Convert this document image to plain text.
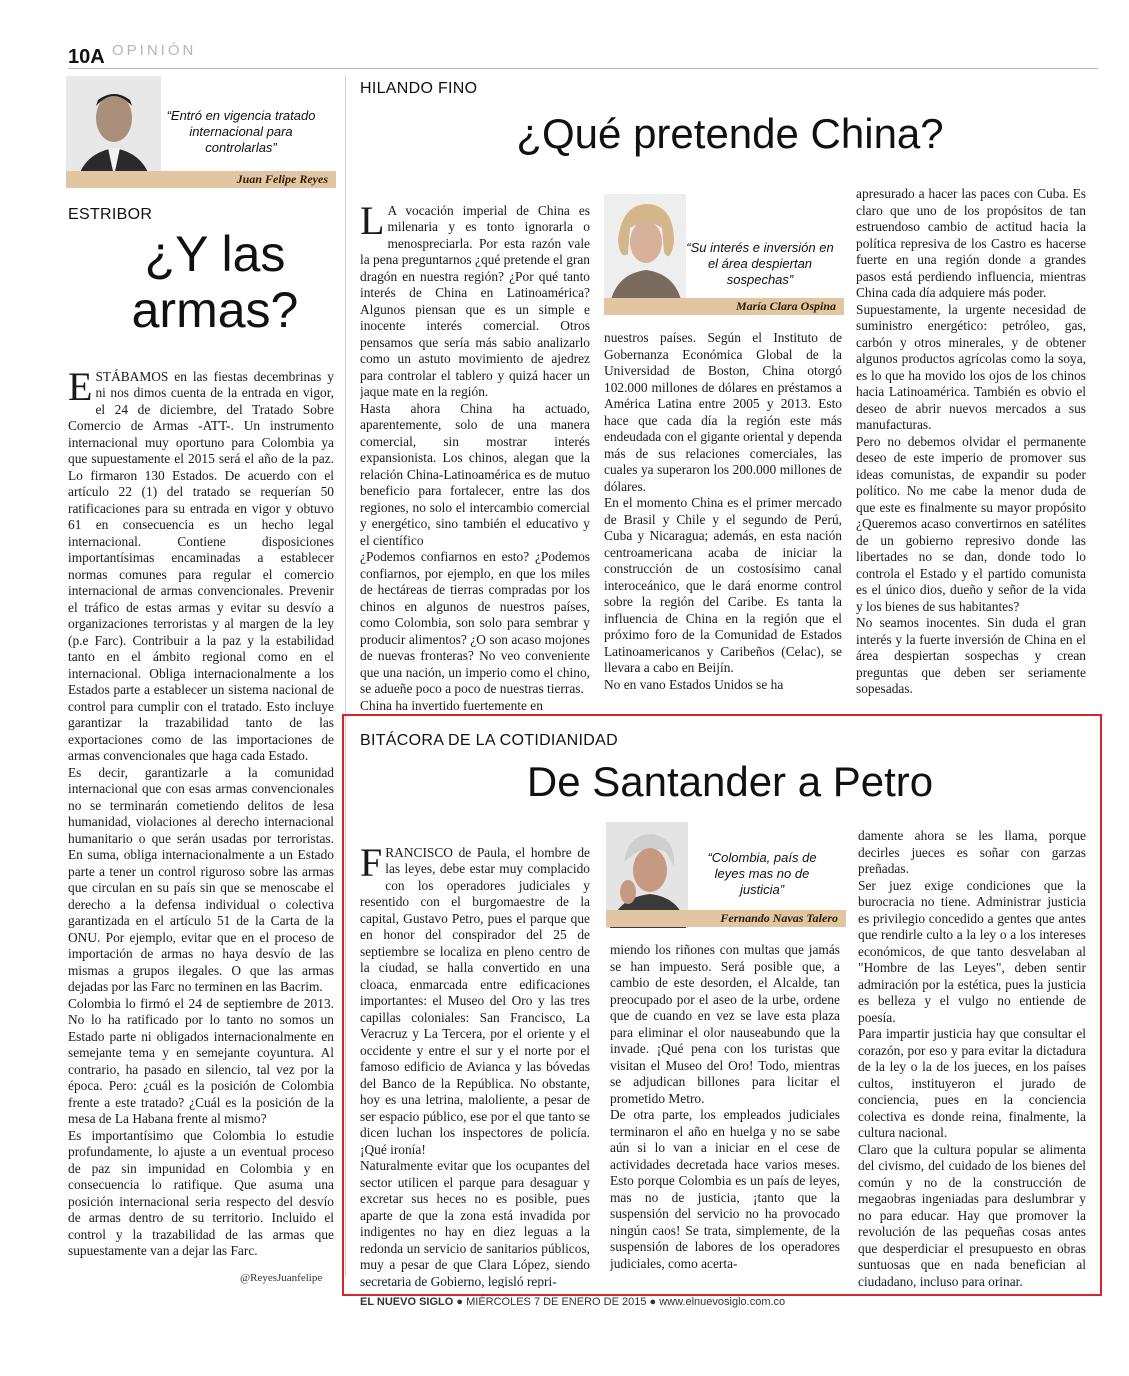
10A OPINIÓN
“Entró en vigencia tratado internacional para controlarlas”
Juan Felipe Reyes
ESTRIBOR
¿Y las armas?

ESTÁBAMOS en las fiestas decembrinas y ni nos dimos cuenta de la entrada en vigor, el 24 de diciembre, del Tratado Sobre Comercio de Armas -ATT-. Un instrumento internacional muy oportuno para Colombia ya que supuestamente el 2015 será el año de la paz. Lo firmaron 130 Estados. De acuerdo con el artículo 22 (1) del tratado se requerían 50 ratificaciones para su entrada en vigor y obtuvo 61 en consecuencia es un hecho legal internacional. Contiene disposiciones importantísimas encaminadas a establecer normas comunes para regular el comercio internacional de armas convencionales. Prevenir el tráfico de estas armas y evitar su desvío a organizaciones terroristas y al margen de la ley (p.e Farc). Contribuir a la paz y la estabilidad tanto en el ámbito regional como en el internacional. Obliga internacionalmente a los Estados parte a establecer un sistema nacional de control para cumplir con el tratado. Esto incluye garantizar la trazabilidad tanto de las exportaciones como de las importaciones de armas convencionales que haga cada Estado.
Es decir, garantizarle a la comunidad internacional que con esas armas convencionales no se terminarán cometiendo delitos de lesa humanidad, violaciones al derecho internacional humanitario o que serán usadas por terroristas. En suma, obliga internacionalmente a un Estado parte a tener un control riguroso sobre las armas que circulan en su país sin que se menoscabe el derecho a la defensa individual o colectiva garantizada en el artículo 51 de la Carta de la ONU. Por ejemplo, evitar que en el proceso de importación de armas no haya desvío de las mismas a grupos ilegales. O que las armas dejadas por las Farc no terminen en las Bacrim.
Colombia lo firmó el 24 de septiembre de 2013. No lo ha ratificado por lo tanto no somos un Estado parte ni obligados internacionalmente en semejante tema y en semejante coyuntura. Al contrario, ha pasado en silencio, tal vez por la época. Pero: ¿cuál es la posición de Colombia frente a este tratado? ¿Cuál es la posición de la mesa de La Habana frente al mismo?
Es importantísimo que Colombia lo estudie profundamente, lo ajuste a un eventual proceso de paz sin impunidad en Colombia y en consecuencia lo ratifique. Que asuma una posición internacional seria respecto del desvío de armas dentro de su territorio. Incluido el control y la trazabilidad de las armas que supuestamente van a dejar las Farc.

@ReyesJuanfelipe
HILANDO FINO
¿Qué pretende China?

L A vocación imperial de China es milenaria y es tonto ignorarla o menospreciarla. Por esta razón vale la pena preguntarnos ¿qué pretende el gran dragón en nuestra región? ¿Por qué tanto interés de China en Latinoamérica? Algunos piensan que es un simple e inocente interés comercial. Otros pensamos que sería más sabio analizarlo como un astuto movimiento de ajedrez para controlar el tablero y quizá hacer un jaque mate en la región.
Hasta ahora China ha actuado, aparentemente, solo de una manera comercial, sin mostrar interés expansionista. Los chinos, alegan que la relación China-Latinoamérica es de mutuo beneficio para fortalecer, entre las dos regiones, no solo el intercambio comercial y energético, sino también el educativo y el científico
¿Podemos confiarnos en esto? ¿Podemos confiarnos, por ejemplo, en que los miles de hectáreas de tierras compradas por los chinos en algunos de nuestros países, como Colombia, son solo para sembrar y producir alimentos? ¿O son acaso mojones de nuevas fronteras? No veo conveniente que una nación, un imperio como el chino, se adueñe poco a poco de nuestras tierras.
China ha invertido fuertemente en

“Su interés e inversión en el área despiertan sospechas”
María Clara Ospina
nuestros países. Según el Instituto de Gobernanza Económica Global de la Universidad de Boston, China otorgó 102.000 millones de dólares en préstamos a América Latina entre 2005 y 2013. Esto hace que cada día la región este más endeudada con el gigante oriental y dependa más de sus relaciones comerciales, las cuales ya superaron los 200.000 millones de dólares.
En el momento China es el primer mercado de Brasil y Chile y el segundo de Perú, Cuba y Nicaragua; además, en esta nación centroamericana acaba de iniciar la construcción de un costosísimo canal interoceánico, que le dará enorme control sobre la región del Caribe. Es tanta la influencia de China en la región que el próximo foro de la Comunidad de Estados Latinoamericanos y Caribeños (Celac), se llevara a cabo en Beijín.
No en vano Estados Unidos se ha
apresurado a hacer las paces con Cuba. Es claro que uno de los propósitos de tan estruendoso cambio de actitud hacia la política represiva de los Castro es hacerse fuerte en una región donde a grandes pasos está perdiendo influencia, mientras China cada día adquiere más poder.
Supuestamente, la urgente necesidad de suministro energético: petróleo, gas, carbón y otros minerales, y de obtener algunos productos agrícolas como la soya, es lo que ha movido los ojos de los chinos hacia Latinoamérica. También es obvio el deseo de abrir nuevos mercados a sus manufacturas.
Pero no debemos olvidar el permanente deseo de este imperio de promover sus ideas comunistas, de expandir su poder político. No me cabe la menor duda de que este es finalmente su mayor propósito ¿Queremos acaso convertirnos en satélites de un gobierno represivo donde las libertades no se dan, donde todo lo controla el Estado y el partido comunista es el único dios, dueño y señor de la vida y los bienes de sus habitantes?
No seamos inocentes. Sin duda el gran interés y la fuerte inversión de China en el área despiertan sospechas y crean preguntas que deben ser seriamente sopesadas.
BITÁCORA DE LA COTIDIANIDAD
De Santander a Petro

FRANCISCO de Paula, el hombre de las leyes, debe estar muy complacido con los operadores judiciales y resentido con el burgomaestre de la capital, Gustavo Petro, pues el parque que en honor del conspirador del 25 de septiembre se localiza en pleno centro de la ciudad, se halla convertido en una cloaca, enmarcada entre edificaciones importantes: el Museo del Oro y las tres capillas coloniales: San Francisco, La Veracruz y La Tercera, por el oriente y el occidente y entre el sur y el norte por el famoso edificio de Avianca y las bóvedas del Banco de la República. No obstante, hoy es una letrina, maloliente, a pesar de ser espacio público, ese por el que tanto se dicen luchan los inspectores de policía. ¡Qué ironía!
Naturalmente evitar que los ocupantes del sector utilicen el parque para desaguar y excretar sus heces no es posible, pues aparte de que la zona está invadida por indigentes no hay en diez leguas a la redonda un servicio de sanitarios públicos, muy a pesar de que Clara López, siendo secretaria de Gobierno, legisló repri-

“Colombia, país de leyes mas no de justicia”
Fernando Navas Talero
miendo los riñones con multas que jamás se han impuesto. Será posible que, a cambio de este desorden, el Alcalde, tan preocupado por el aseo de la urbe, ordene que de cuando en vez se lave esta plaza para eliminar el olor nauseabundo que la invade. ¡Qué pena con los turistas que visitan el Museo del Oro! Todo, mientras se adjudican billones para licitar el prometido Metro.
De otra parte, los empleados judiciales terminaron el año en huelga y no se sabe aún si lo van a iniciar en el cese de actividades decretada hace varios meses. Esto porque Colombia es un país de leyes, mas no de justicia, ¡tanto que la suspensión del servicio no ha provocado ningún caos! Se trata, simplemente, de la suspensión de labores de los operadores judiciales, como acerta-
damente ahora se les llama, porque decirles jueces es soñar con garzas preñadas.
Ser juez exige condiciones que la burocracia no tiene. Administrar justicia es privilegio concedido a gentes que antes que rendirle culto a la ley o a los intereses económicos, de que tanto desvelaban al "Hombre de las Leyes", deben sentir admiración por la estética, pues la justicia es belleza y el vulgo no entiende de poesía.
Para impartir justicia hay que consultar el corazón, por eso y para evitar la dictadura de la ley o la de los jueces, en los países cultos, instituyeron el jurado de conciencia, pues en la conciencia colectiva es donde reina, finalmente, la cultura nacional.
Claro que la cultura popular se alimenta del civismo, del cuidado de los bienes del común y no de la construcción de megaobras ingeniadas para deslumbrar y no para educar. Hay que promover la revolución de las pequeñas cosas antes que desperdiciar el presupuesto en obras suntuosas que en nada benefician al ciudadano, incluso para orinar.
EL NUEVO SIGLO ● MIÉRCOLES 7 DE ENERO DE 2015 ● www.elnuevosiglo.com.co
